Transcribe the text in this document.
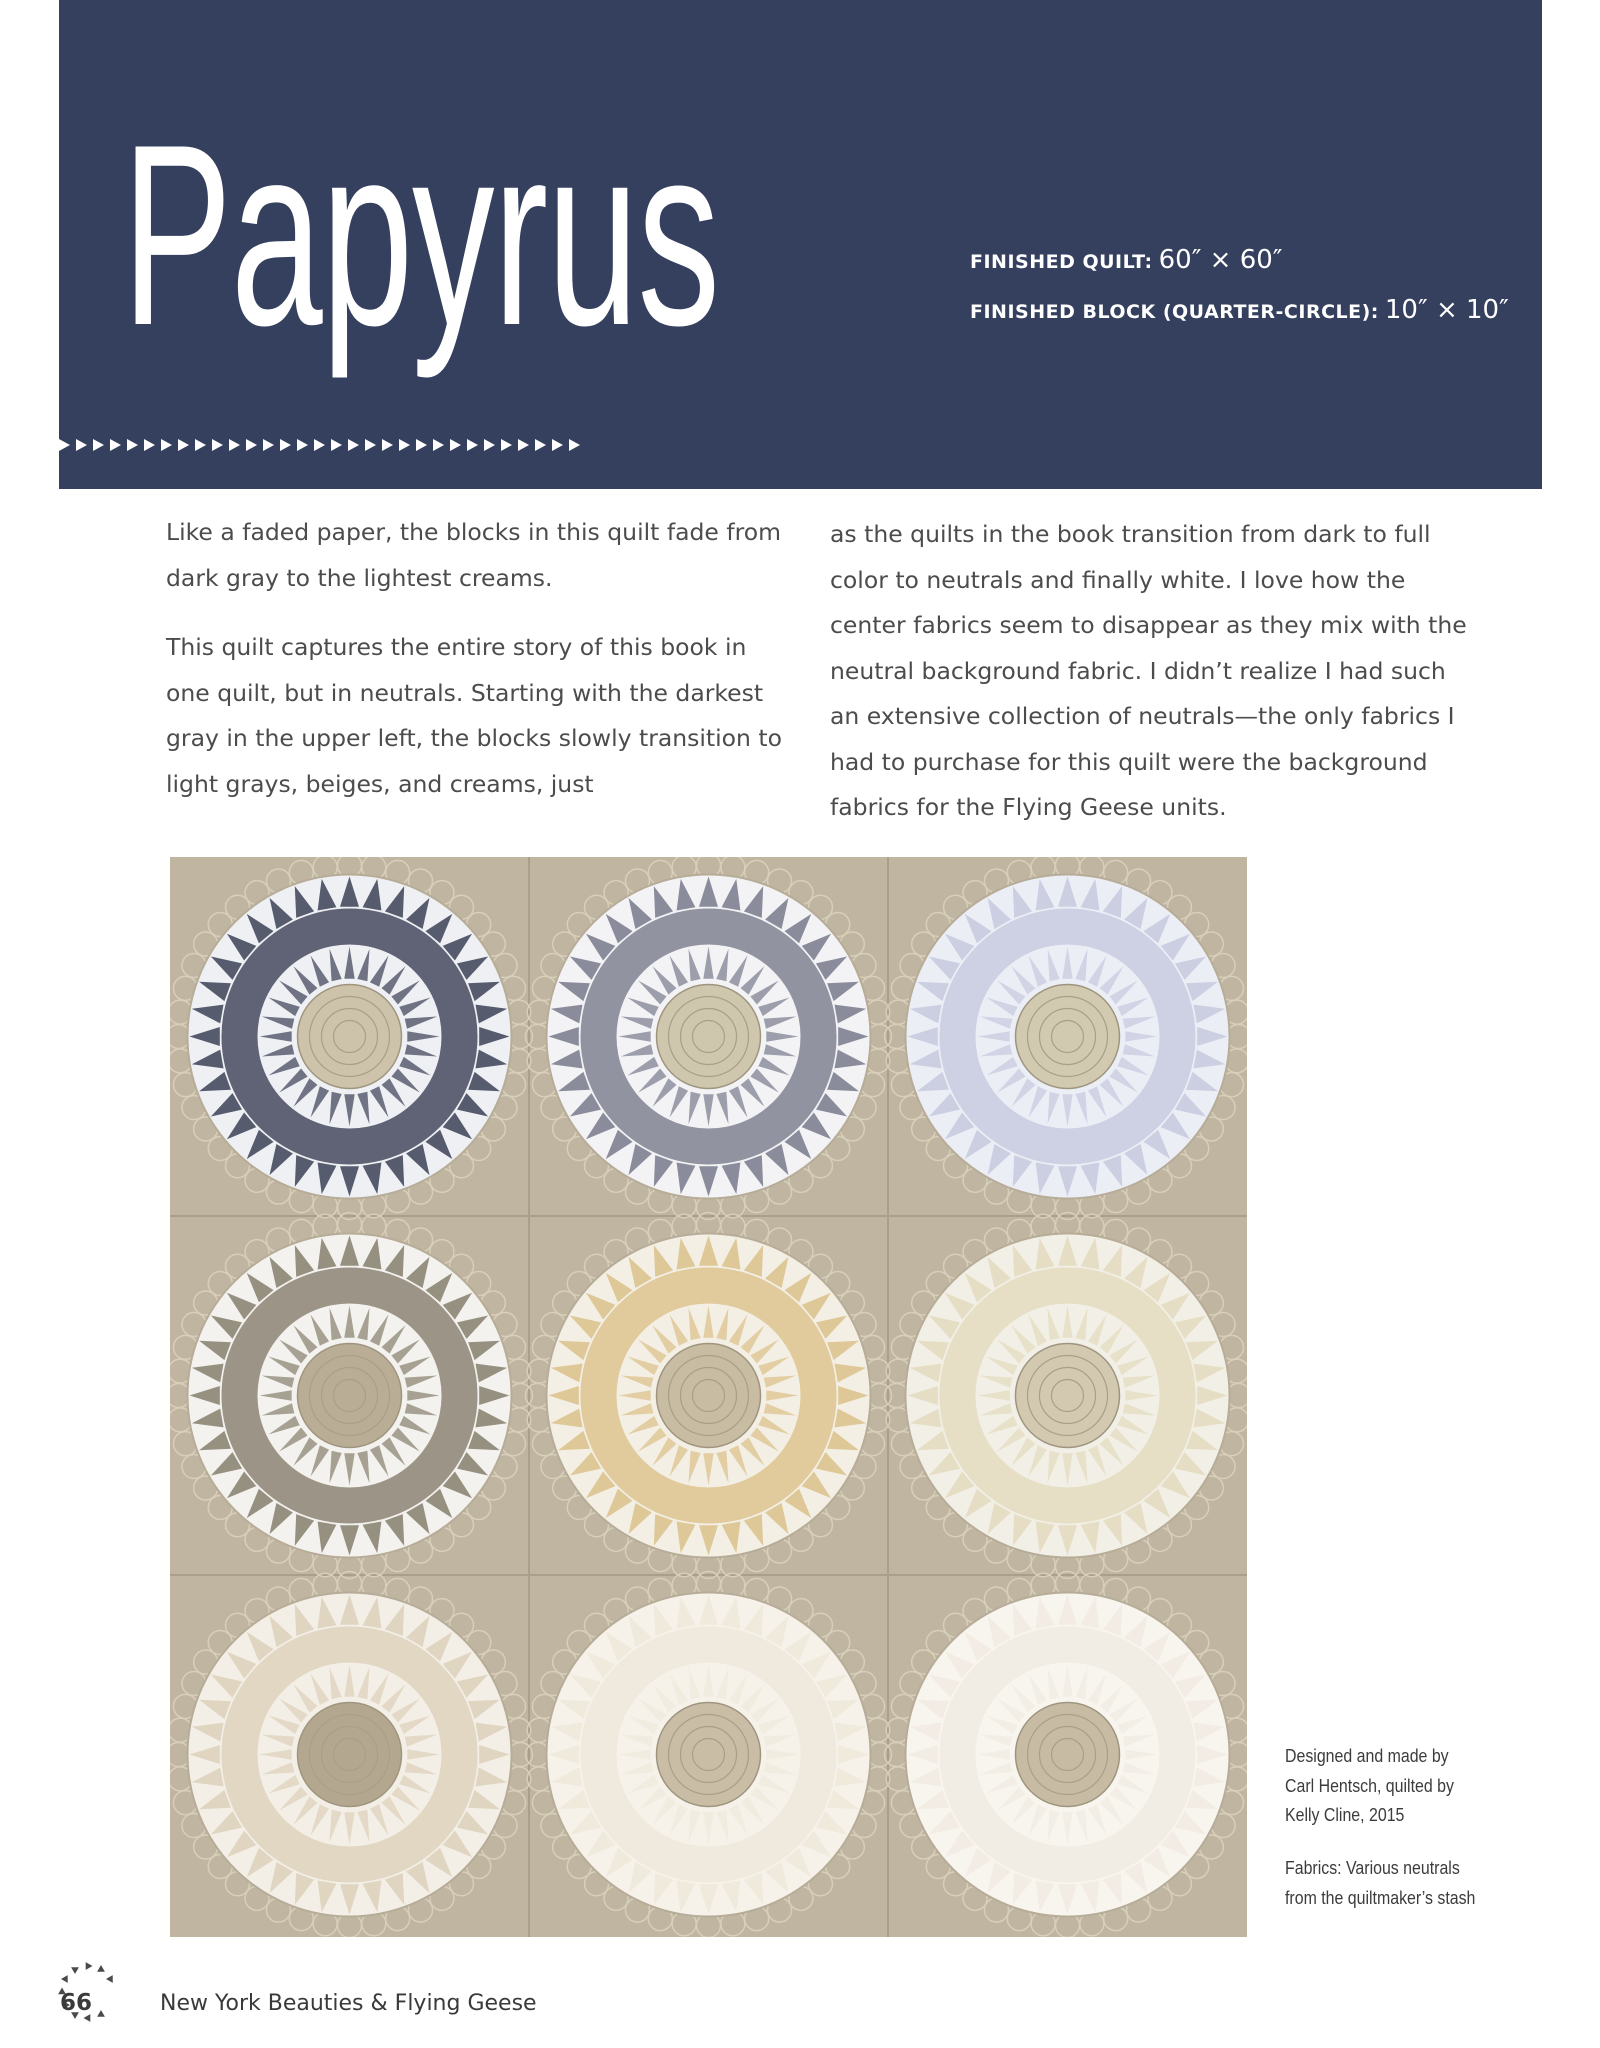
Papyrus	FINISHED QUILT: 60″ × 60″
FINISHED BLOCK (QUARTER-CIRCLE): 10″ × 10″

Like a faded paper, the blocks in this quilt fade from dark gray to the lightest creams.

This quilt captures the entire story of this book in one quilt, but in neutrals. Starting with the darkest gray in the upper left, the blocks slowly transition to light grays, beiges, and creams, just

as the quilts in the book transition from dark to full color to neutrals and finally white. I love how the center fabrics seem to disappear as they mix with the neutral background fabric. I didn’t realize I had such an extensive collection of neutrals—the only fabrics I had to purchase for this quilt were the background fabrics for the Flying Geese units.

Designed and made by Carl Hentsch, quilted by Kelly Cline, 2015

Fabrics: Various neutrals from the quiltmaker’s stash

66	New York Beauties & Flying Geese
